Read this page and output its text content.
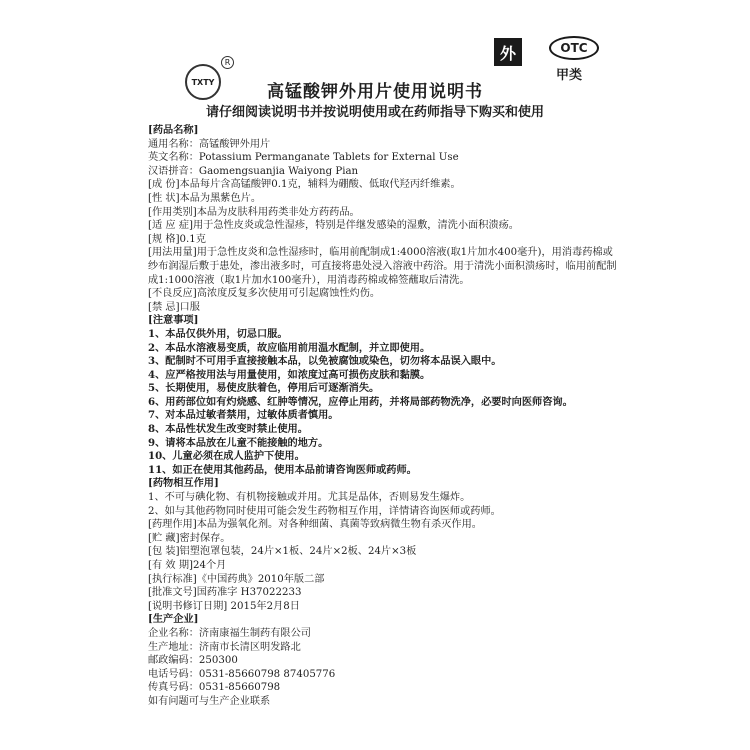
TXTY
R	外	OTC
甲类
高锰酸钾外用片使用说明书
请仔细阅读说明书并按说明使用或在药师指导下购买和使用
[药品名称]
通用名称：高锰酸钾外用片
英文名称：Potassium Permanganate Tablets for External Use
汉语拼音：Gaomengsuanjia Waiyong Pian
[成 份]本品每片含高锰酸钾0.1克，辅料为硼酸、低取代羟丙纤维素。
[性 状]本品为黑紫色片。
[作用类别]本品为皮肤科用药类非处方药药品。
[适 应 症]用于急性皮炎或急性湿疹，特别是伴继发感染的湿敷，清洗小面积溃疡。
[规 格]0.1克
[用法用量]用于急性皮炎和急性湿疹时，临用前配制成1:4000溶液(取1片加水400毫升)，用消毒药棉或纱布润湿后敷于患处，渗出液多时，可直接将患处浸入溶液中药浴。用于清洗小面积溃疡时，临用前配制成1:1000溶液（取1片加水100毫升），用消毒药棉或棉签蘸取后清洗。
[不良反应]高浓度反复多次使用可引起腐蚀性灼伤。
[禁 忌]口服
[注意事项]
1、本品仅供外用，切忌口服。
2、本品水溶液易变质，故应临用前用温水配制，并立即使用。
3、配制时不可用手直接接触本品，以免被腐蚀或染色，切勿将本品误入眼中。
4、应严格按用法与用量使用，如浓度过高可损伤皮肤和黏膜。
5、长期使用，易使皮肤着色，停用后可逐渐消失。
6、用药部位如有灼烧感、红肿等情况，应停止用药，并将局部药物洗净，必要时向医师咨询。
7、对本品过敏者禁用，过敏体质者慎用。
8、本品性状发生改变时禁止使用。
9、请将本品放在儿童不能接触的地方。
10、儿童必须在成人监护下使用。
11、如正在使用其他药品，使用本品前请咨询医师或药师。
[药物相互作用]
1、不可与碘化物、有机物接触或并用。尤其是晶体，否则易发生爆炸。
2、如与其他药物同时使用可能会发生药物相互作用，详情请咨询医师或药师。
[药理作用]本品为强氧化剂。对各种细菌、真菌等致病微生物有杀灭作用。
[贮 藏]密封保存。
[包 装]铝塑泡罩包装，24片×1板、24片×2板、24片×3板
[有 效 期]24个月
[执行标准]《中国药典》2010年版二部
[批准文号]国药准字 H37022233
[说明书修订日期] 2015年2月8日
[生产企业]
企业名称：济南康福生制药有限公司
生产地址：济南市长清区明发路北
邮政编码：250300
电话号码：0531-85660798 87405776
传真号码：0531-85660798
如有问题可与生产企业联系
